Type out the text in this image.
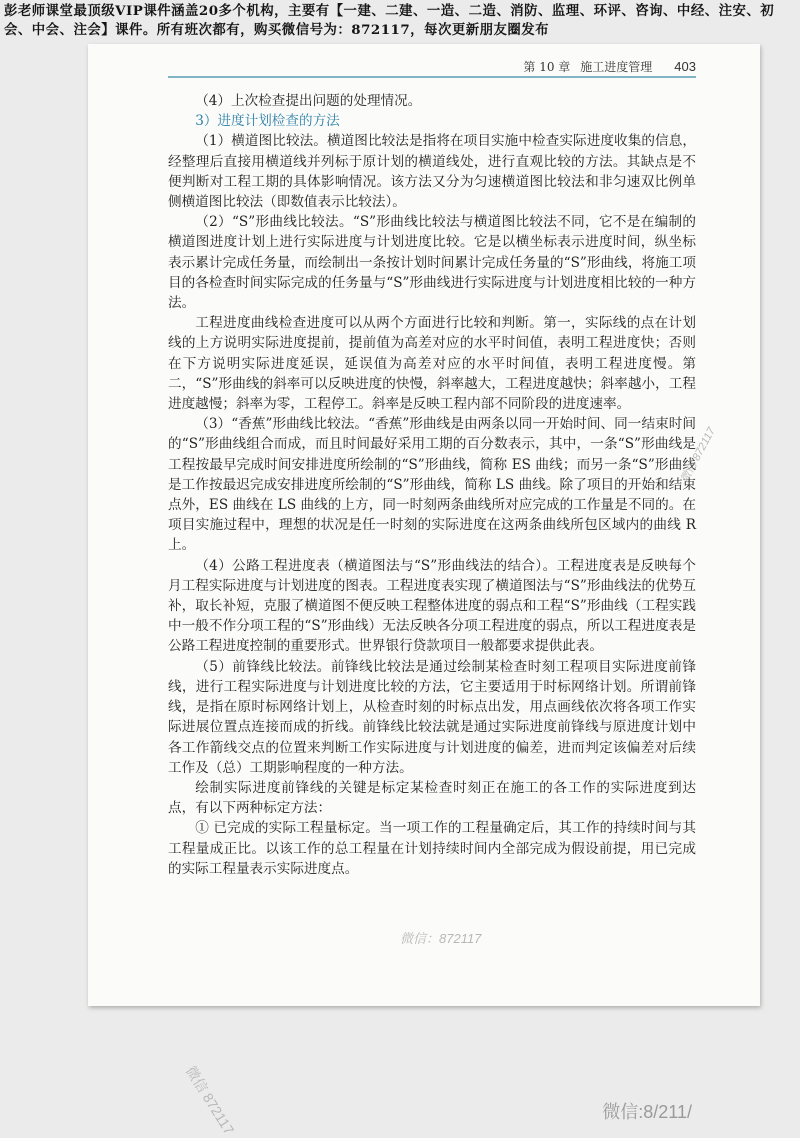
彭老师课堂最顶级VIP课件涵盖20多个机构，主要有【一建、二建、一造、二造、消防、监理、环评、咨询、中经、注安、初会、中会、注会】课件。所有班次都有，购买微信号为：872117，每次更新朋友圈发布
第 10 章 施工进度管理 403

（4）上次检查提出问题的处理情况。

3）进度计划检查的方法

（1）横道图比较法。横道图比较法是指将在项目实施中检查实际进度收集的信息，经整理后直接用横道线并列标于原计划的横道线处，进行直观比较的方法。其缺点是不便判断对工程工期的具体影响情况。该方法又分为匀速横道图比较法和非匀速双比例单侧横道图比较法（即数值表示比较法）。

（2）“S”形曲线比较法。“S”形曲线比较法与横道图比较法不同，它不是在编制的横道图进度计划上进行实际进度与计划进度比较。它是以横坐标表示进度时间，纵坐标表示累计完成任务量，而绘制出一条按计划时间累计完成任务量的“S”形曲线，将施工项目的各检查时间实际完成的任务量与“S”形曲线进行实际进度与计划进度相比较的一种方法。

工程进度曲线检查进度可以从两个方面进行比较和判断。第一，实际线的点在计划线的上方说明实际进度提前，提前值为高差对应的水平时间值，表明工程进度快；否则在下方说明实际进度延误，延误值为高差对应的水平时间值，表明工程进度慢。第二，“S”形曲线的斜率可以反映进度的快慢，斜率越大，工程进度越快；斜率越小，工程进度越慢；斜率为零，工程停工。斜率是反映工程内部不同阶段的进度速率。

（3）“香蕉”形曲线比较法。“香蕉”形曲线是由两条以同一开始时间、同一结束时间的“S”形曲线组合而成，而且时间最好采用工期的百分数表示，其中，一条“S”形曲线是工程按最早完成时间安排进度所绘制的“S”形曲线，简称 ES 曲线；而另一条“S”形曲线是工作按最迟完成安排进度所绘制的“S”形曲线，简称 LS 曲线。除了项目的开始和结束点外，ES 曲线在 LS 曲线的上方，同一时刻两条曲线所对应完成的工作量是不同的。在项目实施过程中，理想的状况是任一时刻的实际进度在这两条曲线所包区域内的曲线 R 上。

（4）公路工程进度表（横道图法与“S”形曲线法的结合）。工程进度表是反映每个月工程实际进度与计划进度的图表。工程进度表实现了横道图法与“S”形曲线法的优势互补，取长补短，克服了横道图不便反映工程整体进度的弱点和工程“S”形曲线（工程实践中一般不作分项工程的“S”形曲线）无法反映各分项工程进度的弱点，所以工程进度表是公路工程进度控制的重要形式。世界银行贷款项目一般都要求提供此表。

（5）前锋线比较法。前锋线比较法是通过绘制某检查时刻工程项目实际进度前锋线，进行工程实际进度与计划进度比较的方法，它主要适用于时标网络计划。所谓前锋线，是指在原时标网络计划上，从检查时刻的时标点出发，用点画线依次将各项工作实际进展位置点连接而成的折线。前锋线比较法就是通过实际进度前锋线与原进度计划中各工作箭线交点的位置来判断工作实际进度与计划进度的偏差，进而判定该偏差对后续工作及（总）工期影响程度的一种方法。

绘制实际进度前锋线的关键是标定某检查时刻正在施工的各工作的实际进度到达点，有以下两种标定方法：

① 已完成的实际工程量标定。当一项工作的工程量确定后，其工作的持续时间与其工程量成正比。以该工作的总工程量在计划持续时间内全部完成为假设前提，用已完成的实际工程量表示实际进度点。

微信 872117
微信：872117
微信 872117	微信:8/211/
